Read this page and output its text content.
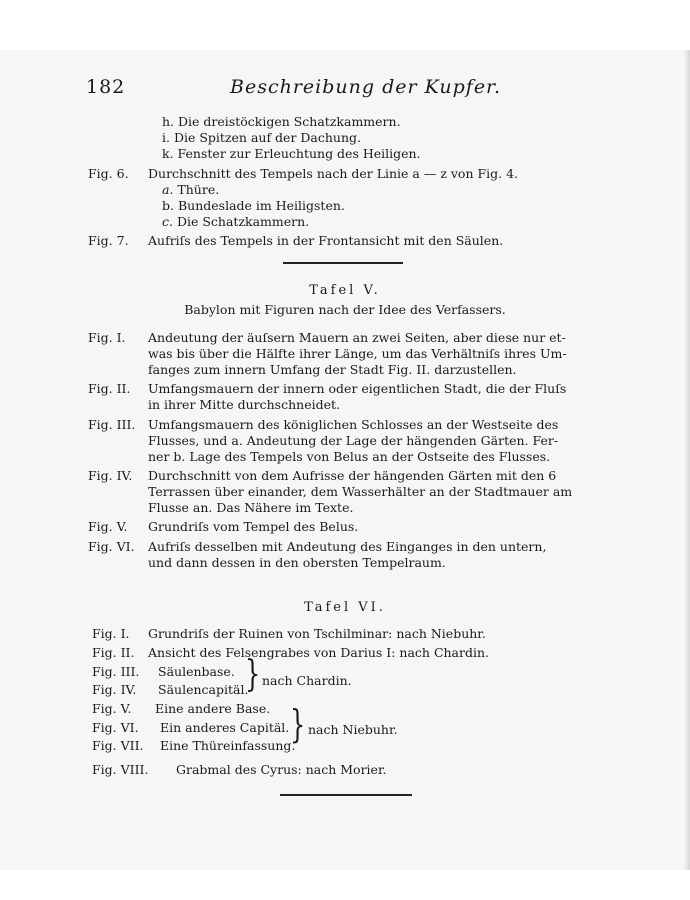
182	Beschreibung der Kupfer.
h. Die dreistöckigen Schatzkammern.
i. Die Spitzen auf der Dachung.
k. Fenster zur Erleuchtung des Heiligen.
Fig. 6. Durchschnitt des Tempels nach der Linie a — z von Fig. 4.
a. Thüre.
b. Bundeslade im Heiligsten.
c. Die Schatzkammern.
Fig. 7. Aufriſs des Tempels in der Frontansicht mit den Säulen.
Tafel V.
Babylon mit Figuren nach der Idee des Verfassers.
Fig. I. Andeutung der äuſsern Mauern an zwei Seiten, aber diese nur et-
was bis über die Hälfte ihrer Länge, um das Verhältniſs ihres Um-
fanges zum innern Umfang der Stadt Fig. II. darzustellen.
Fig. II. Umfangsmauern der innern oder eigentlichen Stadt, die der Fluſs
in ihrer Mitte durchschneidet.
Fig. III. Umfangsmauern des königlichen Schlosses an der Westseite des
Flusses, und a. Andeutung der Lage der hängenden Gärten. Fer-
ner b. Lage des Tempels von Belus an der Ostseite des Flusses.
Fig. IV. Durchschnitt von dem Aufrisse der hängenden Gärten mit den 6
Terrassen über einander, dem Wasserhälter an der Stadtmauer am
Flusse an. Das Nähere im Texte.
Fig. V. Grundriſs vom Tempel des Belus.
Fig. VI. Aufriſs desselben mit Andeutung des Einganges in den untern,
und dann dessen in den obersten Tempelraum.
Tafel VI.
Fig. I. Grundriſs der Ruinen von Tschilminar: nach Niebuhr.
Fig. II. Ansicht des Felsengrabes von Darius I: nach Chardin.
Fig. III. Säulenbase.
Fig. IV. Säulencapitäl.
} nach Chardin.
Fig. V. Eine andere Base.
Fig. VI. Ein anderes Capitäl.
Fig. VII. Eine Thüreinfassung.
} nach Niebuhr.
Fig. VIII. Grabmal des Cyrus: nach Morier.
